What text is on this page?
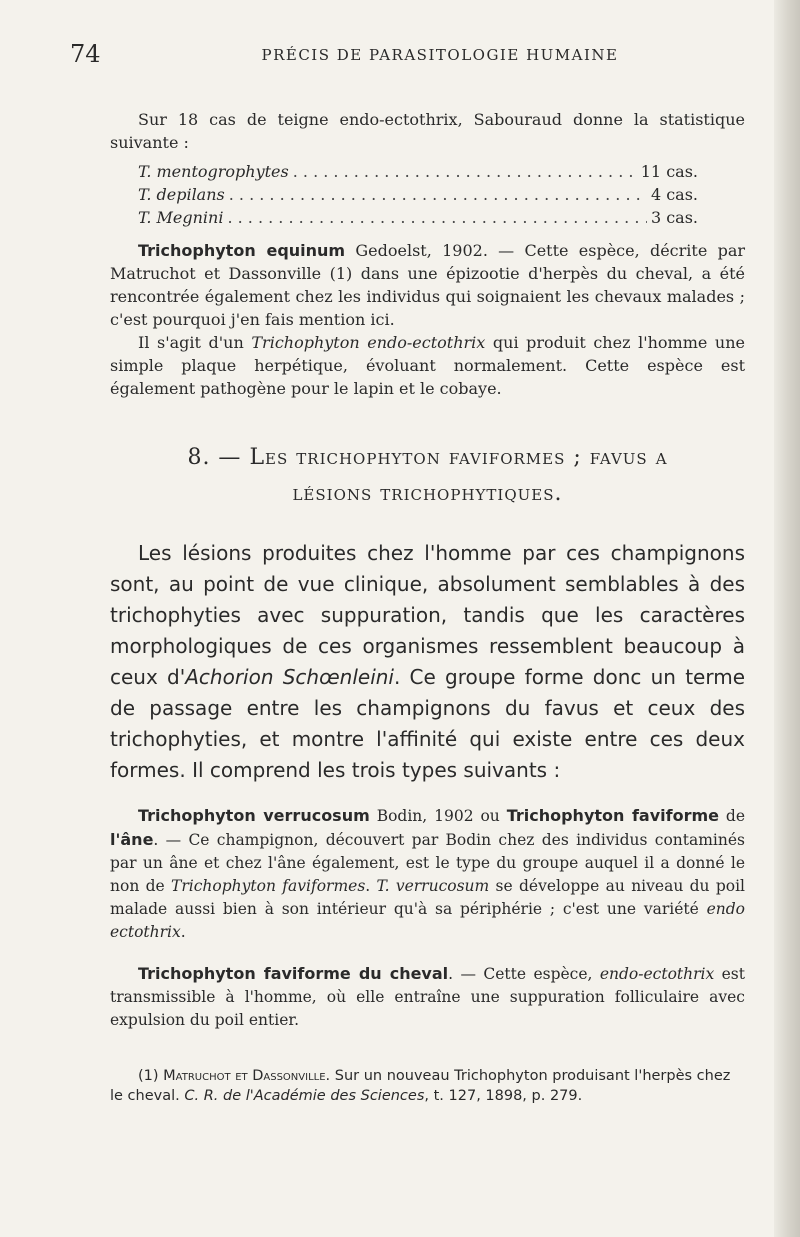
74	PRÉCIS DE PARASITOLOGIE HUMAINE

Sur 18 cas de teigne endo-ectothrix, Sabouraud donne la statistique suivante :

T. mentogrophytes . . .	11 cas.
T. depilans . . .	4 cas.
T. Megnini . . .	3 cas.

Trichophyton equinum Gedoelst, 1902. — Cette espèce, décrite par Matruchot et Dassonville (1) dans une épizootie d'herpès du cheval, a été rencontrée également chez les individus qui soignaient les chevaux malades ; c'est pourquoi j'en fais mention ici.

Il s'agit d'un Trichophyton endo-ectothrix qui produit chez l'homme une simple plaque herpétique, évoluant normalement. Cette espèce est également pathogène pour le lapin et le cobaye.

8. — Les trichophyton faviformes ; favus a
lésions trichophytiques.

Les lésions produites chez l'homme par ces champignons sont, au point de vue clinique, absolument semblables à des trichophyties avec suppuration, tandis que les caractères morphologiques de ces organismes ressemblent beaucoup à ceux d'Achorion Schœnleini. Ce groupe forme donc un terme de passage entre les champignons du favus et ceux des trichophyties, et montre l'affinité qui existe entre ces deux formes. Il comprend les trois types suivants :

Trichophyton verrucosum Bodin, 1902 ou Trichophyton faviforme de l'âne. — Ce champignon, découvert par Bodin chez des individus contaminés par un âne et chez l'âne également, est le type du groupe auquel il a donné le non de Trichophyton faviformes. T. verrucosum se développe au niveau du poil malade aussi bien à son intérieur qu'à sa périphérie ; c'est une variété endo ectothrix.

Trichophyton faviforme du cheval. — Cette espèce, endo-ectothrix est transmissible à l'homme, où elle entraîne une suppuration folliculaire avec expulsion du poil entier.

(1) Matruchot et Dassonville. Sur un nouveau Trichophyton produisant l'herpès chez le cheval. C. R. de l'Académie des Sciences, t. 127, 1898, p. 279.
